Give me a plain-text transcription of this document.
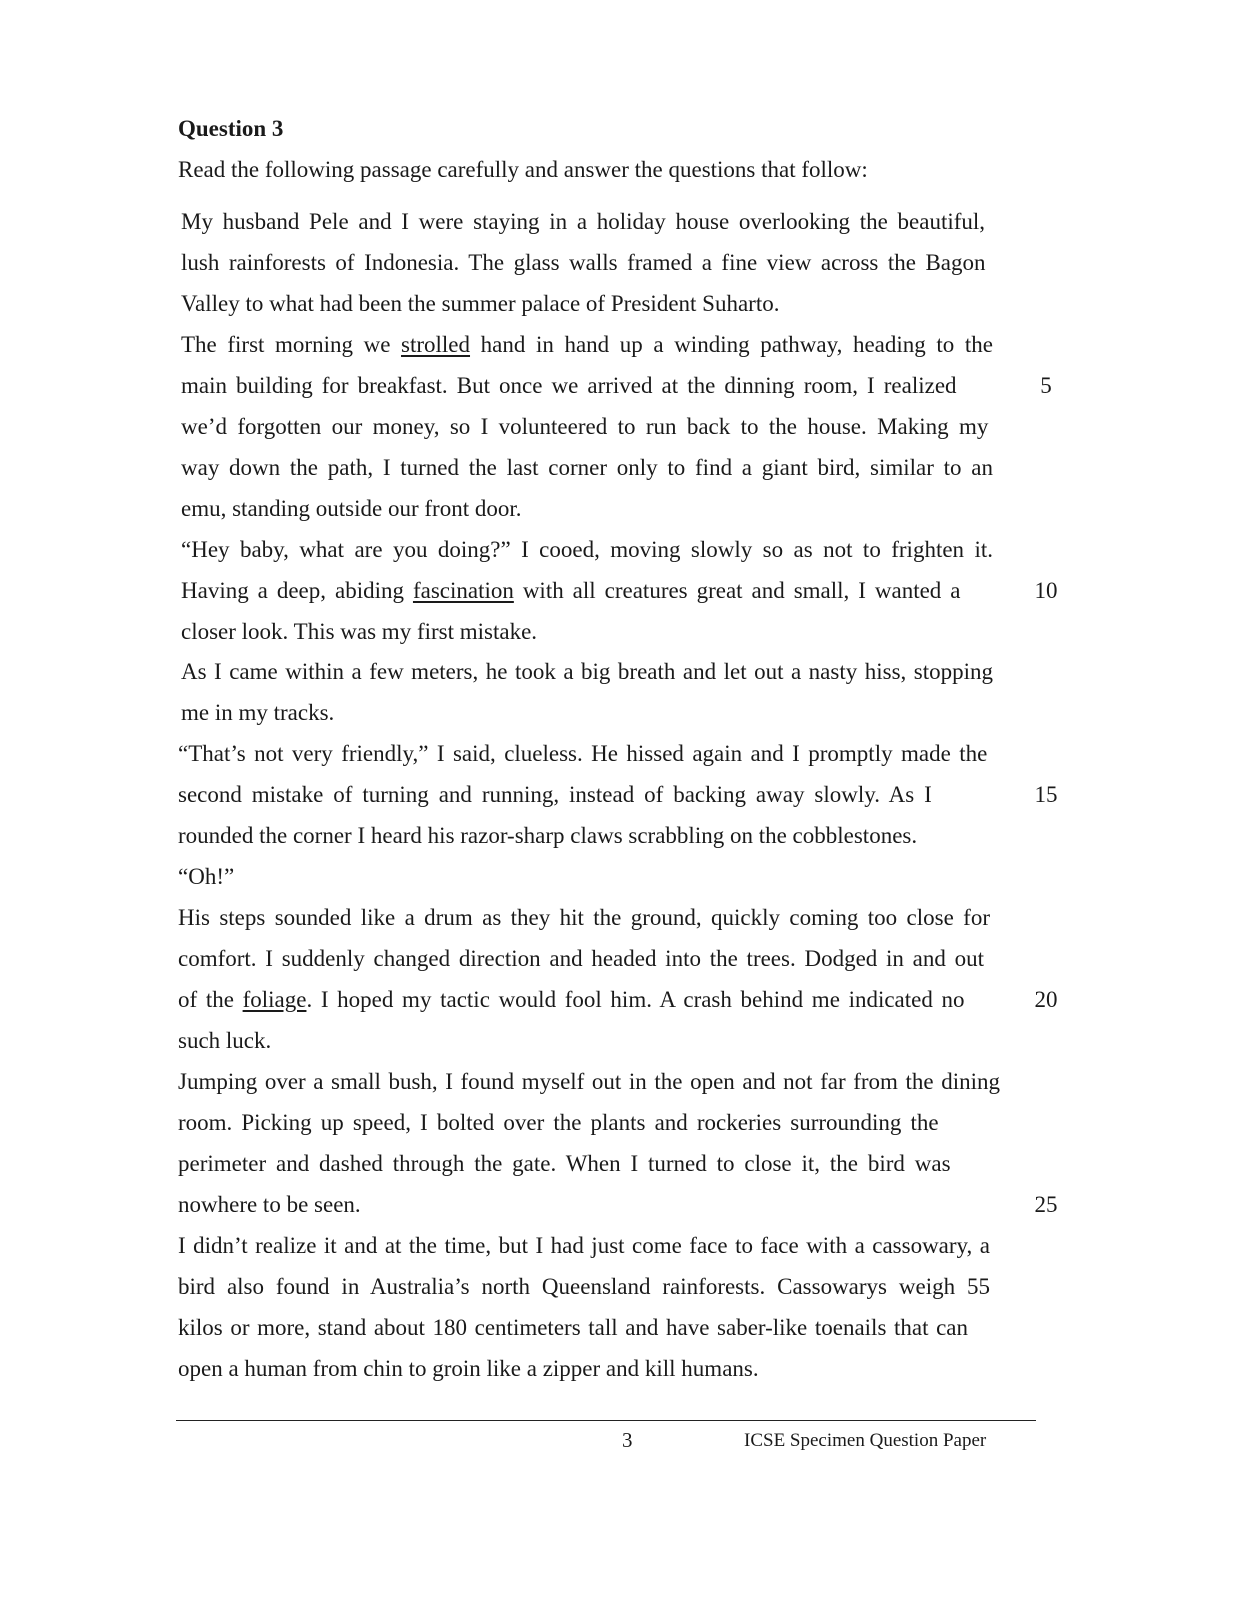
Question 3
Read the following passage carefully and answer the questions that follow:
My husband Pele and I were staying in a holiday house overlooking the beautiful,
lush rainforests of Indonesia. The glass walls framed a fine view across the Bagon
Valley to what had been the summer palace of President Suharto.
The first morning we strolled hand in hand up a winding pathway, heading to the
main building for breakfast. But once we arrived at the dinning room, I realized
we’d forgotten our money, so I volunteered to run back to the house. Making my
way down the path, I turned the last corner only to find a giant bird, similar to an
emu, standing outside our front door.
“Hey baby, what are you doing?” I cooed, moving slowly so as not to frighten it.
Having a deep, abiding fascination with all creatures great and small, I wanted a
closer look. This was my first mistake.
As I came within a few meters, he took a big breath and let out a nasty hiss, stopping
me in my tracks.
“That’s not very friendly,” I said, clueless. He hissed again and I promptly made the
second mistake of turning and running, instead of backing away slowly. As I
rounded the corner I heard his razor-sharp claws scrabbling on the cobblestones.
“Oh!”
His steps sounded like a drum as they hit the ground, quickly coming too close for
comfort. I suddenly changed direction and headed into the trees. Dodged in and out
of the foliage. I hoped my tactic would fool him. A crash behind me indicated no
such luck.
Jumping over a small bush, I found myself out in the open and not far from the dining
room. Picking up speed, I bolted over the plants and rockeries surrounding the
perimeter and dashed through the gate. When I turned to close it, the bird was
nowhere to be seen.
I didn’t realize it and at the time, but I had just come face to face with a cassowary, a
bird also found in Australia’s north Queensland rainforests. Cassowarys weigh 55
kilos or more, stand about 180 centimeters tall and have saber-like toenails that can
open a human from chin to groin like a zipper and kill humans.
5
10
15
20
25
3	ICSE Specimen Question Paper
